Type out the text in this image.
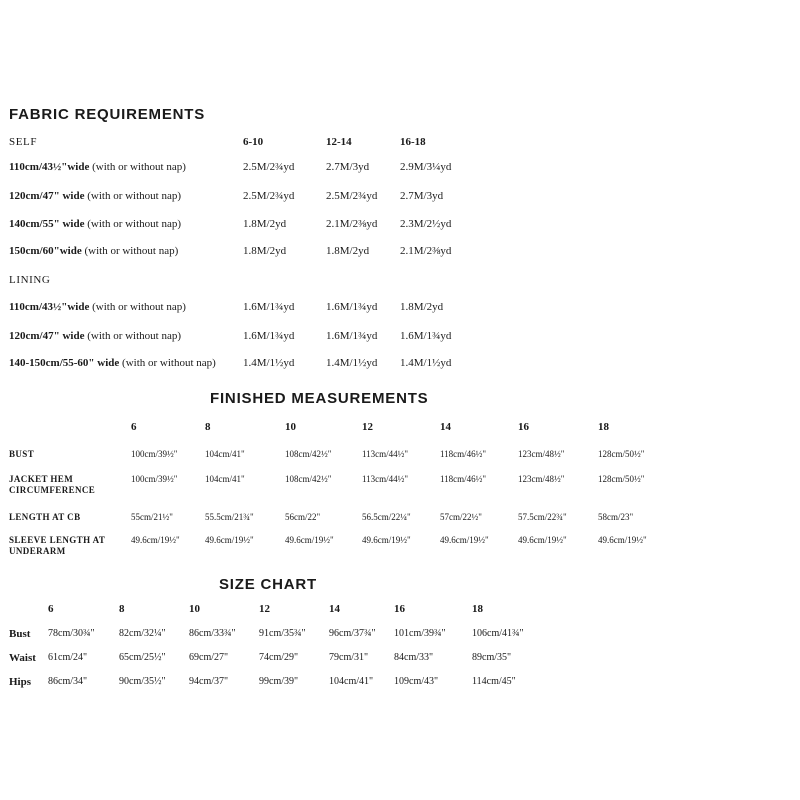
FABRIC REQUIREMENTS
FINISHED MEASUREMENTS
SIZE CHART
SELF	6-10	12-14	16-18
LINING
110cm/43½"wide (with or without nap)	2.5M/2¾yd	2.7M/3yd	2.9M/3¼yd
120cm/47" wide (with or without nap)	2.5M/2¾yd	2.5M/2¾yd 2.7M/3yd
140cm/55" wide (with or without nap)	1.8M/2yd	2.1M/2⅜yd 2.3M/2½yd
150cm/60"wide (with or without nap)	1.8M/2yd	1.8M/2yd	2.1M/2⅜yd
110cm/43½"wide (with or without nap)	1.6M/1¾yd	1.6M/1¾yd 1.8M/2yd
120cm/47" wide (with or without nap)	1.6M/1¾yd	1.6M/1¾yd 1.6M/1¾yd
140-150cm/55-60" wide (with or without nap) 1.4M/1½yd	1.4M/1½yd 1.4M/1½yd
6	8	10	12	14	16	18
BUST	100cm/39½"	104cm/41"	108cm/42½"	113cm/44½"	118cm/46½"	123cm/48½"	128cm/50½"
JACKET HEM
CIRCUMFERENCE
100cm/39½"	104cm/41"	108cm/42½"	113cm/44½"	118cm/46½"	123cm/48½"	128cm/50½"
LENGTH AT CB	55cm/21½"	55.5cm/21¾"	56cm/22"	56.5cm/22¼"	57cm/22½"	57.5cm/22¾"	58cm/23"
SLEEVE LENGTH AT
UNDERARM
49.6cm/19½"	49.6cm/19½"	49.6cm/19½"	49.6cm/19½"	49.6cm/19½"	49.6cm/19½"	49.6cm/19½"
6	8	10	12	14	16	18
Bust 78cm/30¾" 82cm/32¼" 86cm/33¾" 91cm/35¾" 96cm/37¾" 101cm/39¾"	106cm/41¾"
Waist 61cm/24"	65cm/25½" 69cm/27"	74cm/29"	79cm/31"	84cm/33"	89cm/35"
Hips 86cm/34"	90cm/35½" 94cm/37"	99cm/39"	104cm/41" 109cm/43"	114cm/45"
